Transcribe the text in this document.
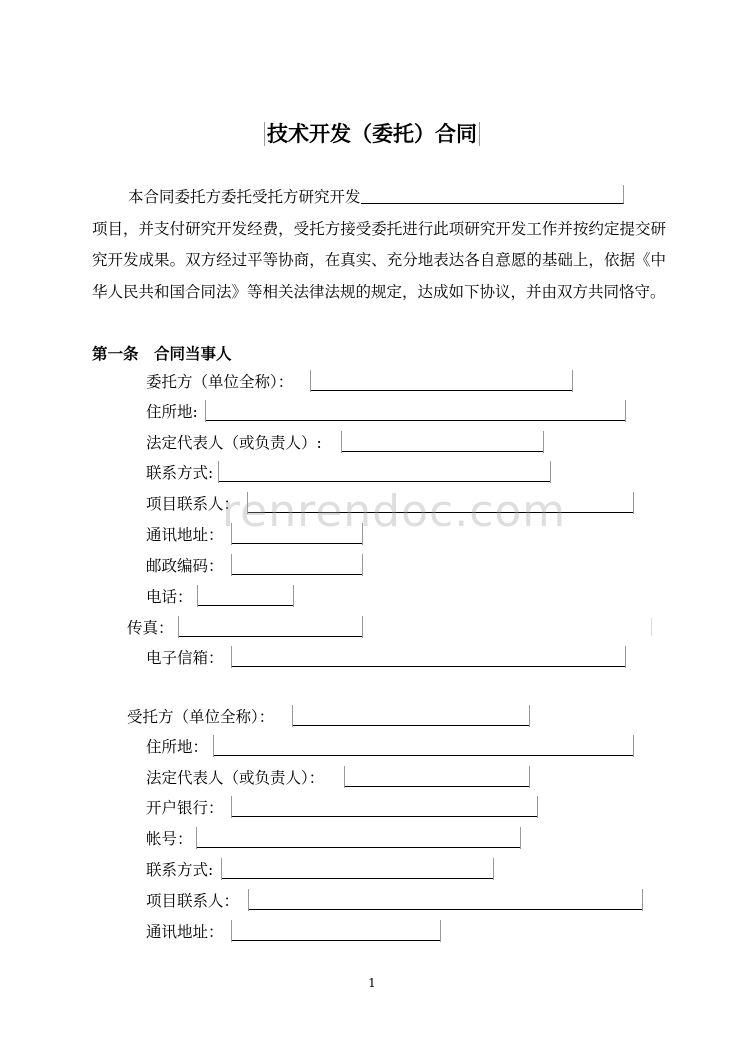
技术开发（委托）合同
本合同委托方委托受托方研究开发
项目，并支付研究开发经费，受托方接受委托进行此项研究开发工作并按约定提交研究开发成果。双方经过平等协商，在真实、充分地表达各自意愿的基础上，依据《中华人民共和国合同法》等相关法律法规的规定，达成如下协议，并由双方共同恪守。
第一条　合同当事人
委托方（单位全称）：
住所地:
法定代表人（或负责人）:
联系方式:
项目联系人：
通讯地址：
邮政编码：
电话：
传真：
电子信箱：
受托方（单位全称）：
住所地：
法定代表人（或负责人）：
开户银行：
帐号：
联系方式:
项目联系人：
通讯地址：
renrendoc.com
1
